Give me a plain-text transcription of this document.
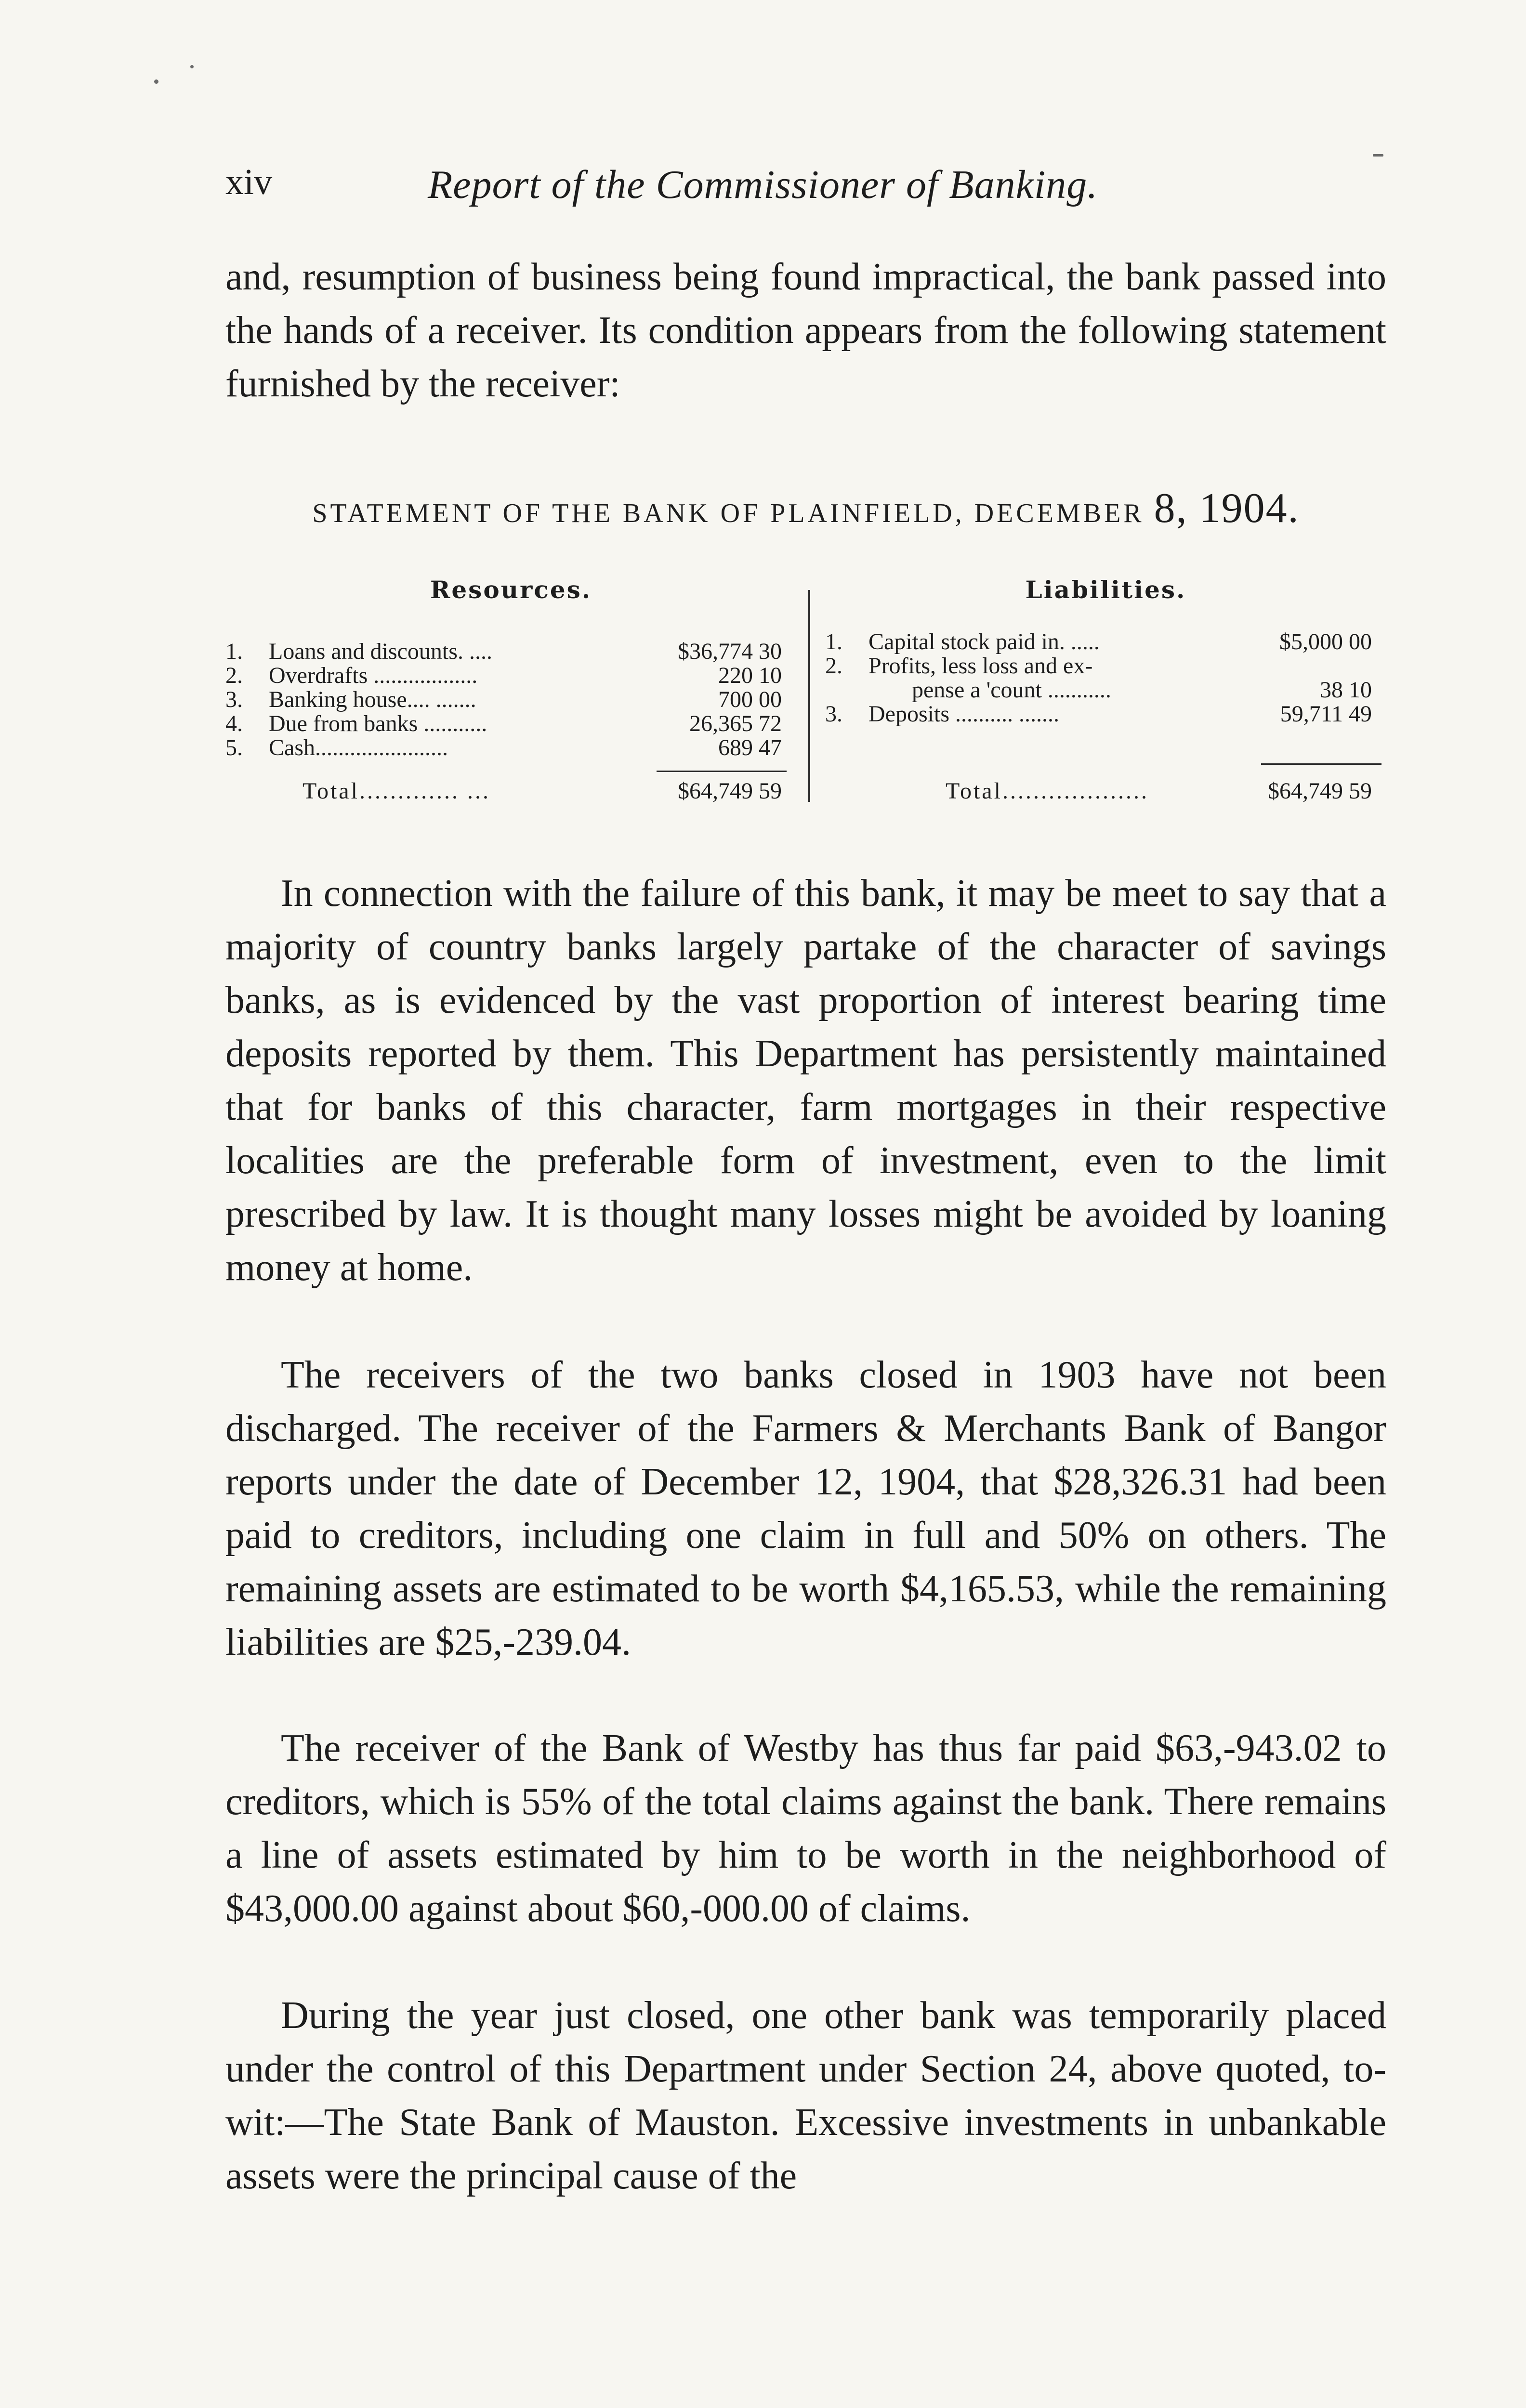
xiv	Report of the Commissioner of Banking.

and, resumption of business being found impractical, the bank passed into the hands of a receiver. Its condition appears from the following statement furnished by the receiver:

STATEMENT OF THE BANK OF PLAINFIELD, DECEMBER 8, 1904.
Resources.
1.	Loans and discounts. ....	$36,774 30
2.	Overdrafts ..................	220 10
3.	Banking house.... .......	700 00
4.	Due from banks ...........	26,365 72
5.	Cash.......................	689 47
Total............. ...	$64,749 59
Liabilities.
1.	Capital stock paid in. .....	$5,000 00
2.	Profits, less loss and ex-
pense a 'count ...........	38 10
3.	Deposits .......... .......	59,711 49
Total...................	$64,749 59

In connection with the failure of this bank, it may be meet to say that a majority of country banks largely partake of the character of savings banks, as is evidenced by the vast proportion of interest bearing time deposits reported by them. This Department has persistently maintained that for banks of this character, farm mortgages in their respective localities are the preferable form of investment, even to the limit prescribed by law. It is thought many losses might be avoided by loaning money at home.

The receivers of the two banks closed in 1903 have not been discharged. The receiver of the Farmers & Merchants Bank of Bangor reports under the date of December 12, 1904, that $28,326.31 had been paid to creditors, including one claim in full and 50% on others. The remaining assets are estimated to be worth $4,165.53, while the remaining liabilities are $25,-239.04.

The receiver of the Bank of Westby has thus far paid $63,-943.02 to creditors, which is 55% of the total claims against the bank. There remains a line of assets estimated by him to be worth in the neighborhood of $43,000.00 against about $60,-000.00 of claims.

During the year just closed, one other bank was temporarily placed under the control of this Department under Section 24, above quoted, to-wit:—The State Bank of Mauston. Excessive investments in unbankable assets were the principal cause of the
